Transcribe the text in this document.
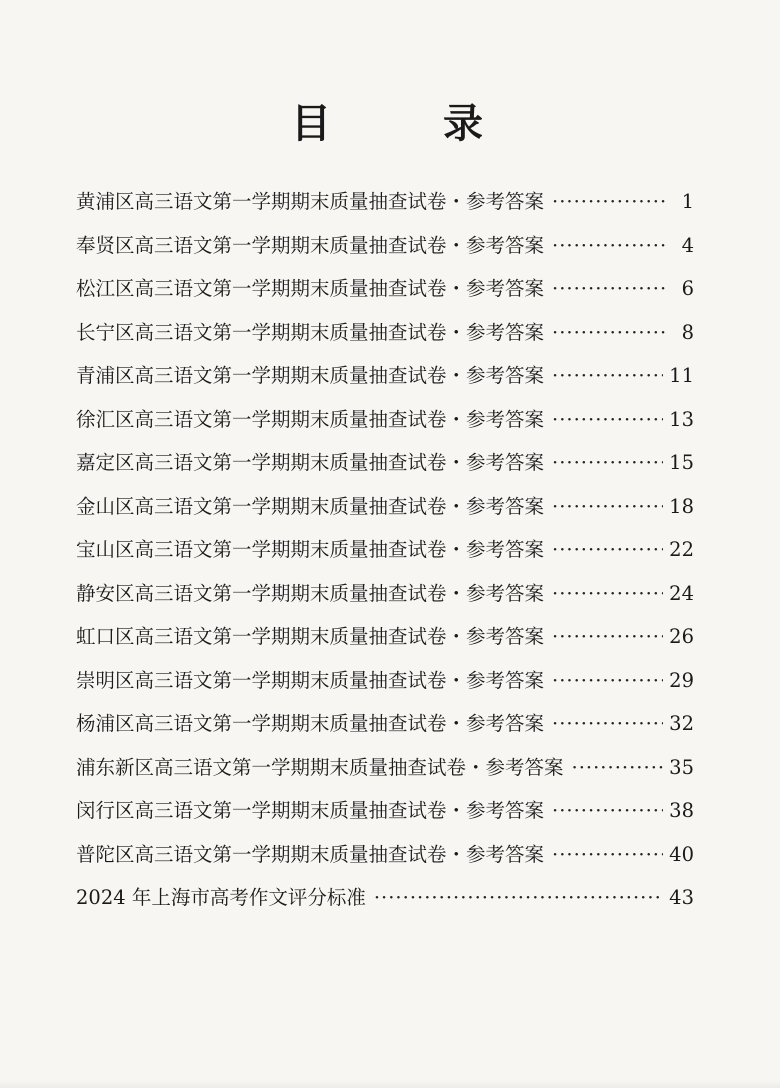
目　录
黄浦区高三语文第一学期期末质量抽查试卷・参考答案 ·····	1
奉贤区高三语文第一学期期末质量抽查试卷・参考答案 ·····	4
松江区高三语文第一学期期末质量抽查试卷・参考答案 ·····	6
长宁区高三语文第一学期期末质量抽查试卷・参考答案 ·····	8
青浦区高三语文第一学期期末质量抽查试卷・参考答案 ·····	11
徐汇区高三语文第一学期期末质量抽查试卷・参考答案 ·····	13
嘉定区高三语文第一学期期末质量抽查试卷・参考答案 ·····	15
金山区高三语文第一学期期末质量抽查试卷・参考答案 ·····	18
宝山区高三语文第一学期期末质量抽查试卷・参考答案 ·····	22
静安区高三语文第一学期期末质量抽查试卷・参考答案 ·····	24
虹口区高三语文第一学期期末质量抽查试卷・参考答案 ·····	26
崇明区高三语文第一学期期末质量抽查试卷・参考答案 ·····	29
杨浦区高三语文第一学期期末质量抽查试卷・参考答案 ·····	32
浦东新区高三语文第一学期期末质量抽查试卷・参考答案 ·····	35
闵行区高三语文第一学期期末质量抽查试卷・参考答案 ·····	38
普陀区高三语文第一学期期末质量抽查试卷・参考答案 ·····	40
2024 年上海市高考作文评分标准 ·····	43
